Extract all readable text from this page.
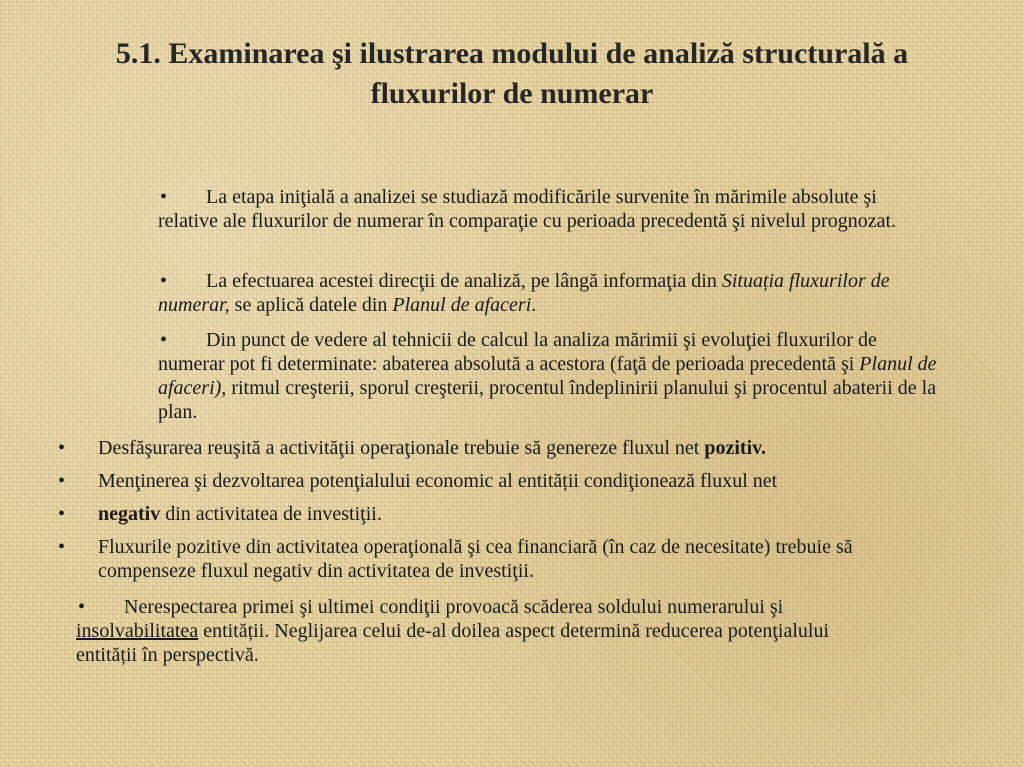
5.1. Examinarea şi ilustrarea modului de analiză structurală a
fluxurilor de numerar

• La etapa iniţială a analizei se studiază modificările survenite în mărimile absolute şi relative ale fluxurilor de numerar în comparaţie cu perioada precedentă şi nivelul prognozat.

• La efectuarea acestei direcţii de analiză, pe lângă informaţia din Situația fluxurilor de numerar, se aplică datele din Planul de afaceri.

• Din punct de vedere al tehnicii de calcul la analiza mărimii şi evoluţiei fluxurilor de numerar pot fi determinate: abaterea absolută a acestora (faţă de perioada precedentă şi Planul de afaceri), ritmul creşterii, sporul creşterii, procentul îndeplinirii planului şi procentul abaterii de la plan.

• Desfăşurarea reuşită a activităţii operaţionale trebuie să genereze fluxul net pozitiv.
• Menţinerea şi dezvoltarea potenţialului economic al entității condiţionează fluxul net
• negativ din activitatea de investiţii.
• Fluxurile pozitive din activitatea operaţională şi cea financiară (în caz de necesitate) trebuie să compenseze fluxul negativ din activitatea de investiţii.

• Nerespectarea primei şi ultimei condiţii provoacă scăderea soldului numerarului şi insolvabilitatea entității. Neglijarea celui de-al doilea aspect determină reducerea potenţialului entității în perspectivă.
